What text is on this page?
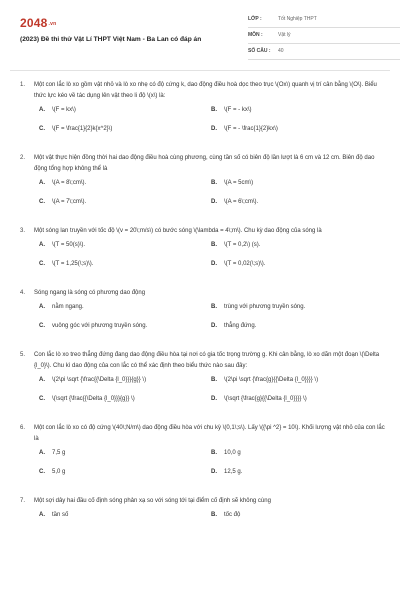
2048.vn
(2023) Đề thi thử Vật Lí THPT Việt Nam - Ba Lan có đáp án
LỚP :	Tốt Nghiệp THPT
MÔN :	Vật lý
SỐ CÂU : 40
1.	Một con lắc lò xo gồm vật nhỏ và lò xo nhẹ có độ cứng k, dao động điều hoà dọc theo trục \(Ox\) quanh vị trí cân bằng \(O\). Biểu thức lực kéo về tác dụng lên vật theo li độ \(x\) là:
A.	\(F = kx\)	B.	\(F = - kx\)
C.	\(F = \frac{1}{2}k{x^2}\)	D.	\(F = - \frac{1}{2}kx\)
2.	Một vật thực hiện đồng thời hai dao động điều hoà cùng phương, cùng tần số có biên độ lần lượt là 6 cm và 12 cm. Biên độ dao động tổng hợp không thể là
A.	\(A = 8\;cm\).	B.	\(A = 5cm\)
C.	\(A = 7\;cm\).	D.	\(A = 6\;cm\).
3.	Một sóng lan truyền với tốc độ \(v = 20\;m/s\) có bước sóng \(\lambda = 4\;m\). Chu kỳ dao động của sóng là
A.	\(T = 50(s)\).	B.	\(T = 0,2\) (s).
C.	\(T = 1,25(\;s)\).	D.	\(T = 0,02(\;s)\).
4.	Sóng ngang là sóng có phương dao động
A.	nằm ngang.	B.	trùng với phương truyền sóng.
C.	vuông góc với phương truyền sóng.	D.	thẳng đứng.
5.	Con lắc lò xo treo thẳng đứng đang dao động điều hòa tại nơi có gia tốc trọng trường g. Khi cân bằng, lò xo dãn một đoạn \(\Delta {l_0}\). Chu kì dao động của con lắc có thể xác định theo biểu thức nào sau đây:
A.	\(2\pi \sqrt {\frac{{\Delta {l_0}}}{g}} \)	B.	\(2\pi \sqrt {\frac{g}{{\Delta {l_0}}}} \)
C.	\(\sqrt {\frac{{\Delta {l_0}}}{g}} \)	D.	\(\sqrt {\frac{g}{{\Delta {l_0}}}} \)
6.	Một con lắc lò xo có độ cứng \(40\;N/m\) dao động điều hòa với chu kỳ \(0,1\;s\). Lấy \({\pi ^2} = 10\). Khối lượng vật nhỏ của con lắc là
A.	7,5 g	B.	10,0 g
C.	5,0 g	D.	12,5 g.
7.	Một sợi dây hai đầu cố định sóng phản xạ so với sóng tới tại điểm cố định sẽ không cùng
A.	tần số	B.	tốc độ
